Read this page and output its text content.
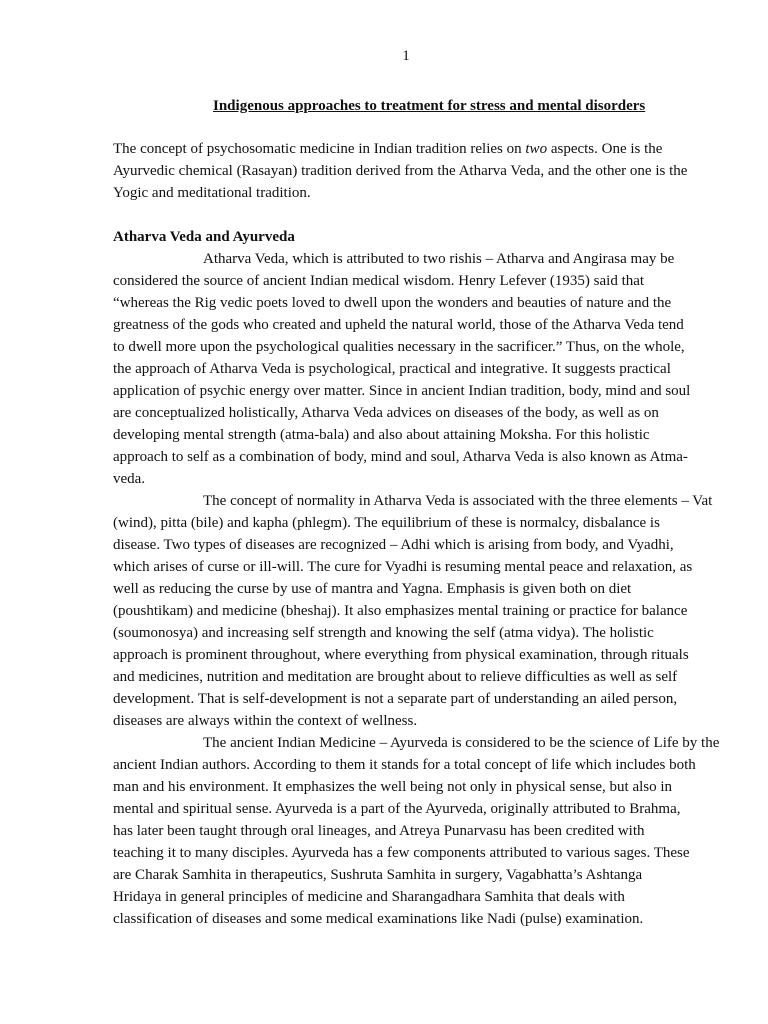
1
Indigenous approaches to treatment for stress and mental disorders

The concept of psychosomatic medicine in Indian tradition relies on two aspects. One is the
Ayurvedic chemical (Rasayan) tradition derived from the Atharva Veda, and the other one is the
Yogic and meditational tradition.

Atharva Veda and Ayurveda

Atharva Veda, which is attributed to two rishis – Atharva and Angirasa may be
considered the source of ancient Indian medical wisdom. Henry Lefever (1935) said that
“whereas the Rig vedic poets loved to dwell upon the wonders and beauties of nature and the
greatness of the gods who created and upheld the natural world, those of the Atharva Veda tend
to dwell more upon the psychological qualities necessary in the sacrificer.” Thus, on the whole,
the approach of Atharva Veda is psychological, practical and integrative. It suggests practical
application of psychic energy over matter. Since in ancient Indian tradition, body, mind and soul
are conceptualized holistically, Atharva Veda advices on diseases of the body, as well as on
developing mental strength (atma-bala) and also about attaining Moksha. For this holistic
approach to self as a combination of body, mind and soul, Atharva Veda is also known as Atma-
veda.

The concept of normality in Atharva Veda is associated with the three elements – Vat
(wind), pitta (bile) and kapha (phlegm). The equilibrium of these is normalcy, disbalance is
disease. Two types of diseases are recognized – Adhi which is arising from body, and Vyadhi,
which arises of curse or ill-will. The cure for Vyadhi is resuming mental peace and relaxation, as
well as reducing the curse by use of mantra and Yagna. Emphasis is given both on diet
(poushtikam) and medicine (bheshaj). It also emphasizes mental training or practice for balance
(soumonosya) and increasing self strength and knowing the self (atma vidya). The holistic
approach is prominent throughout, where everything from physical examination, through rituals
and medicines, nutrition and meditation are brought about to relieve difficulties as well as self
development. That is self-development is not a separate part of understanding an ailed person,
diseases are always within the context of wellness.

The ancient Indian Medicine – Ayurveda is considered to be the science of Life by the
ancient Indian authors. According to them it stands for a total concept of life which includes both
man and his environment. It emphasizes the well being not only in physical sense, but also in
mental and spiritual sense. Ayurveda is a part of the Ayurveda, originally attributed to Brahma,
has later been taught through oral lineages, and Atreya Punarvasu has been credited with
teaching it to many disciples. Ayurveda has a few components attributed to various sages. These
are Charak Samhita in therapeutics, Sushruta Samhita in surgery, Vagabhatta’s Ashtanga
Hridaya in general principles of medicine and Sharangadhara Samhita that deals with
classification of diseases and some medical examinations like Nadi (pulse) examination.
